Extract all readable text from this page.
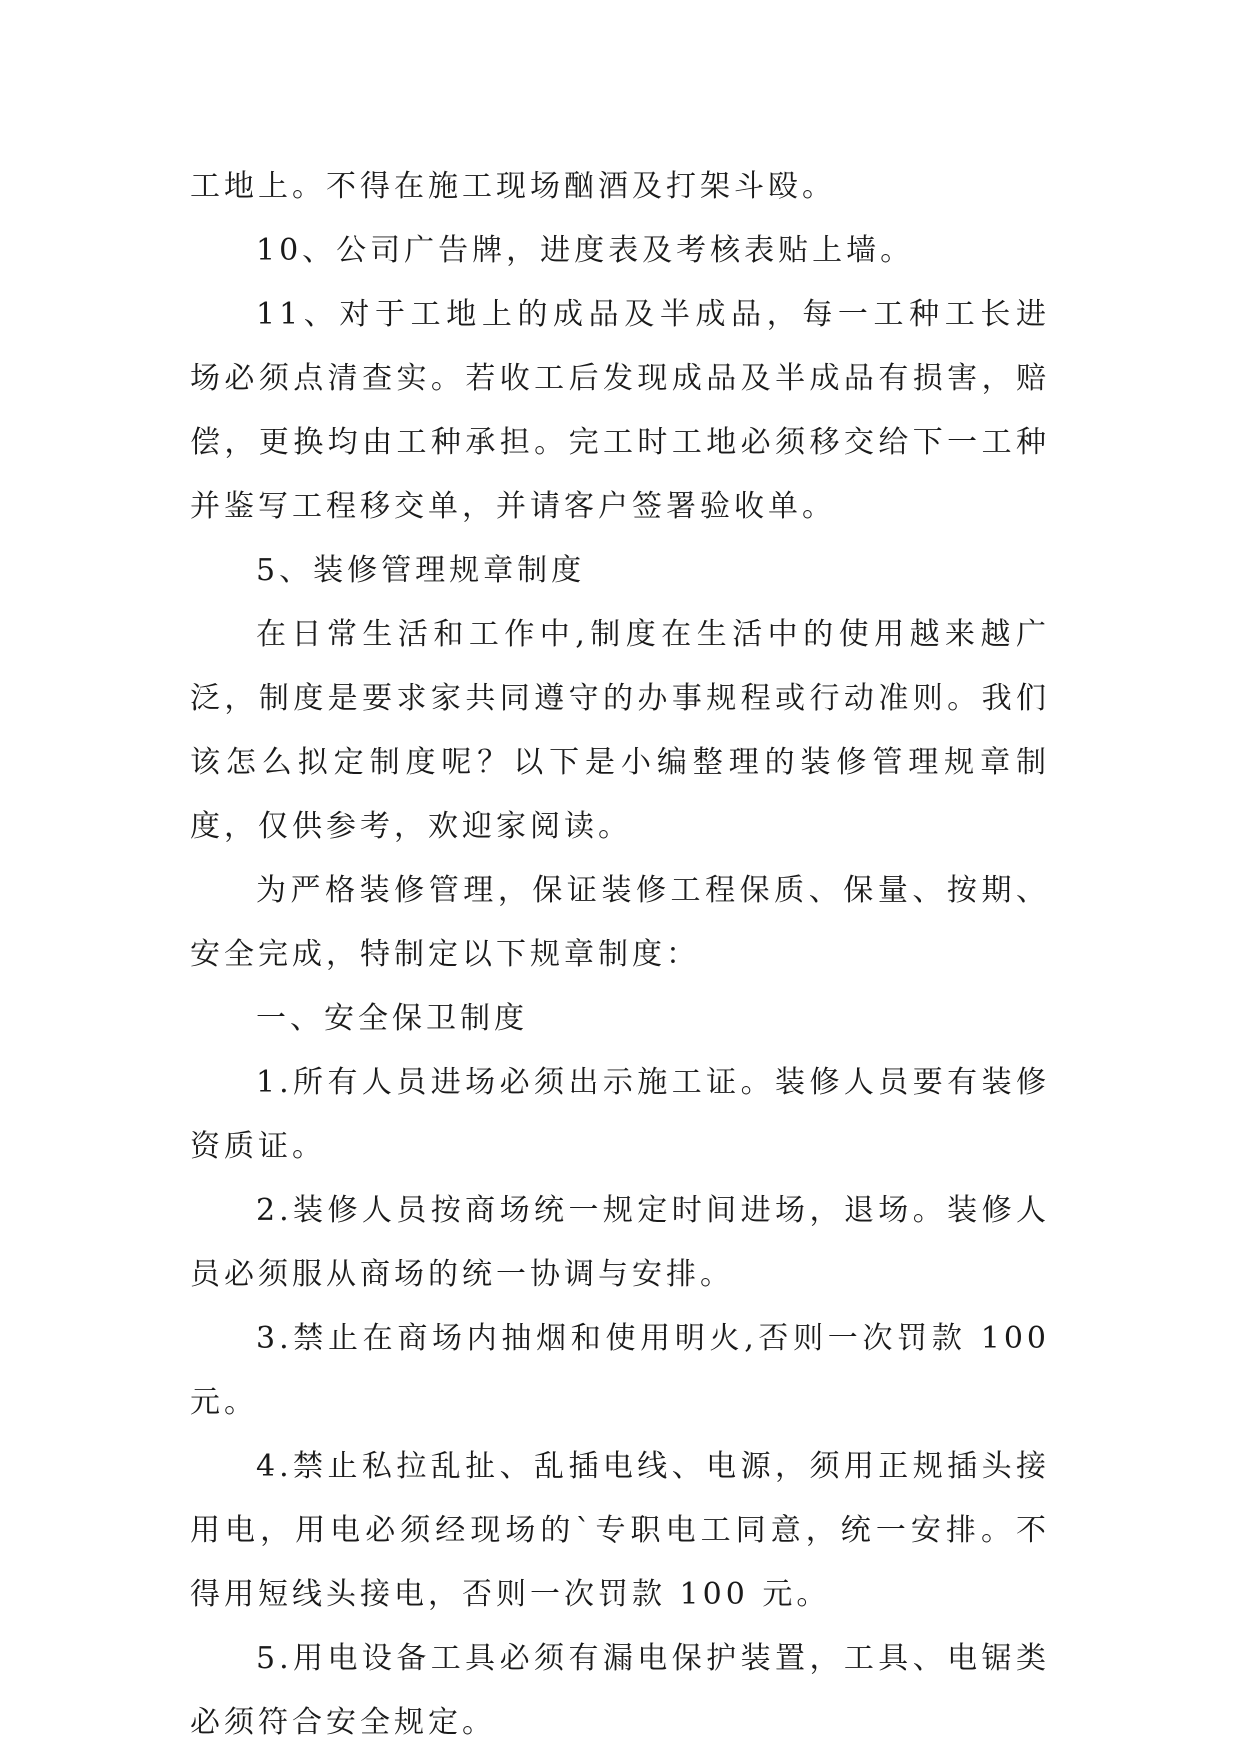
工地上。不得在施工现场酗酒及打架斗殴。

10、公司广告牌，进度表及考核表贴上墙。

11、对于工地上的成品及半成品，每一工种工长进场必须点清查实。若收工后发现成品及半成品有损害，赔偿，更换均由工种承担。完工时工地必须移交给下一工种并鉴写工程移交单，并请客户签署验收单。

5、装修管理规章制度

在日常生活和工作中,制度在生活中的使用越来越广泛，制度是要求家共同遵守的办事规程或行动准则。我们该怎么拟定制度呢？以下是小编整理的装修管理规章制度，仅供参考，欢迎家阅读。

为严格装修管理，保证装修工程保质、保量、按期、安全完成，特制定以下规章制度：

一、安全保卫制度

1.所有人员进场必须出示施工证。装修人员要有装修资质证。

2.装修人员按商场统一规定时间进场，退场。装修人员必须服从商场的统一协调与安排。

3.禁止在商场内抽烟和使用明火,否则一次罚款 100 元。

4.禁止私拉乱扯、乱插电线、电源，须用正规插头接用电，用电必须经现场的`专职电工同意，统一安排。不得用短线头接电，否则一次罚款 100 元。

5.用电设备工具必须有漏电保护装置，工具、电锯类必须符合安全规定。
